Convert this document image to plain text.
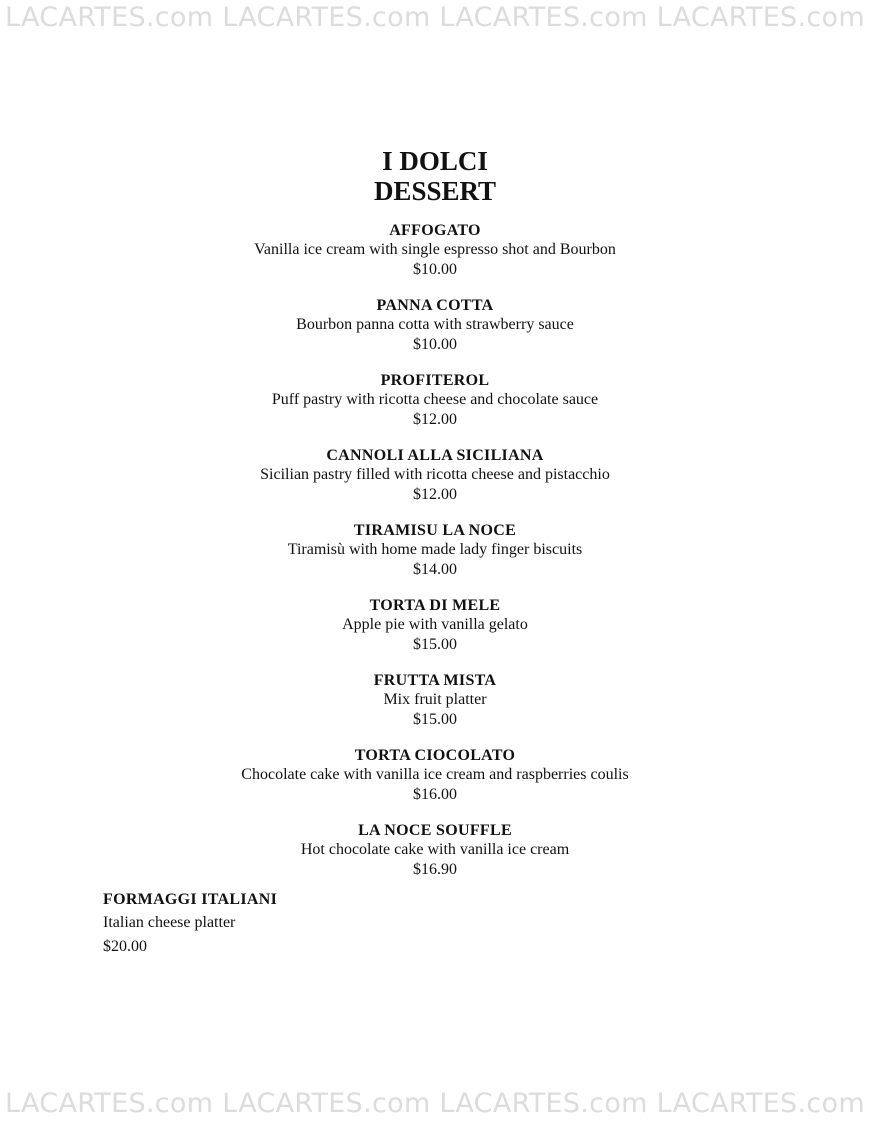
LACARTES.com LACARTES.com LACARTES.com LACARTES.com
I DOLCI
DESSERT
AFFOGATO
Vanilla ice cream with single espresso shot and Bourbon
$10.00
PANNA COTTA
Bourbon panna cotta with strawberry sauce
$10.00
PROFITEROL
Puff pastry with ricotta cheese and chocolate sauce
$12.00
CANNOLI ALLA SICILIANA
Sicilian pastry filled with ricotta cheese and pistacchio
$12.00
TIRAMISU LA NOCE
Tiramisù with home made lady finger biscuits
$14.00
TORTA DI MELE
Apple pie with vanilla gelato
$15.00
FRUTTA MISTA
Mix fruit platter
$15.00
TORTA CIOCOLATO
Chocolate cake with vanilla ice cream and raspberries coulis
$16.00
LA NOCE SOUFFLE
Hot chocolate cake with vanilla ice cream
$16.90
FORMAGGI ITALIANI
Italian cheese platter
$20.00
LACARTES.com LACARTES.com LACARTES.com LACARTES.com
